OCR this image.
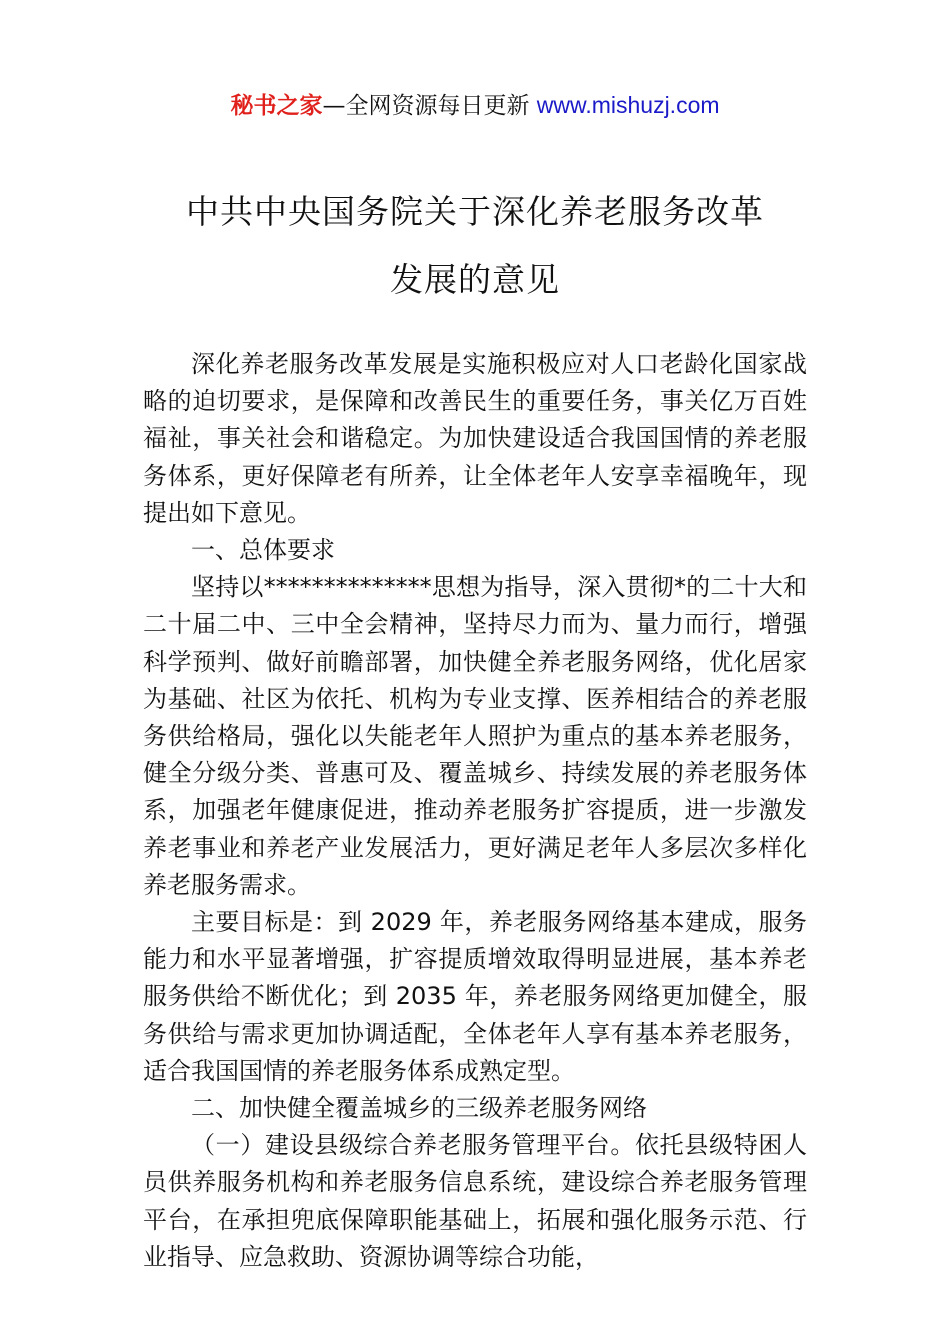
秘书之家—全网资源每日更新 www.mishuzj.com
中共中央国务院关于深化养老服务改革
发展的意见

深化养老服务改革发展是实施积极应对人口老龄化国家战略的迫切要求，是保障和改善民生的重要任务，事关亿万百姓福祉，事关社会和谐稳定。为加快建设适合我国国情的养老服务体系，更好保障老有所养，让全体老年人安享幸福晚年，现提出如下意见。

一、总体要求

坚持以**************思想为指导，深入贯彻*的二十大和二十届二中、三中全会精神，坚持尽力而为、量力而行，增强科学预判、做好前瞻部署，加快健全养老服务网络，优化居家为基础、社区为依托、机构为专业支撑、医养相结合的养老服务供给格局，强化以失能老年人照护为重点的基本养老服务，健全分级分类、普惠可及、覆盖城乡、持续发展的养老服务体系，加强老年健康促进，推动养老服务扩容提质，进一步激发养老事业和养老产业发展活力，更好满足老年人多层次多样化养老服务需求。

主要目标是：到 2029 年，养老服务网络基本建成，服务能力和水平显著增强，扩容提质增效取得明显进展，基本养老服务供给不断优化；到 2035 年，养老服务网络更加健全，服务供给与需求更加协调适配，全体老年人享有基本养老服务，适合我国国情的养老服务体系成熟定型。

二、加快健全覆盖城乡的三级养老服务网络

（一）建设县级综合养老服务管理平台。依托县级特困人员供养服务机构和养老服务信息系统，建设综合养老服务管理平台，在承担兜底保障职能基础上，拓展和强化服务示范、行业指导、应急救助、资源协调等综合功能，
